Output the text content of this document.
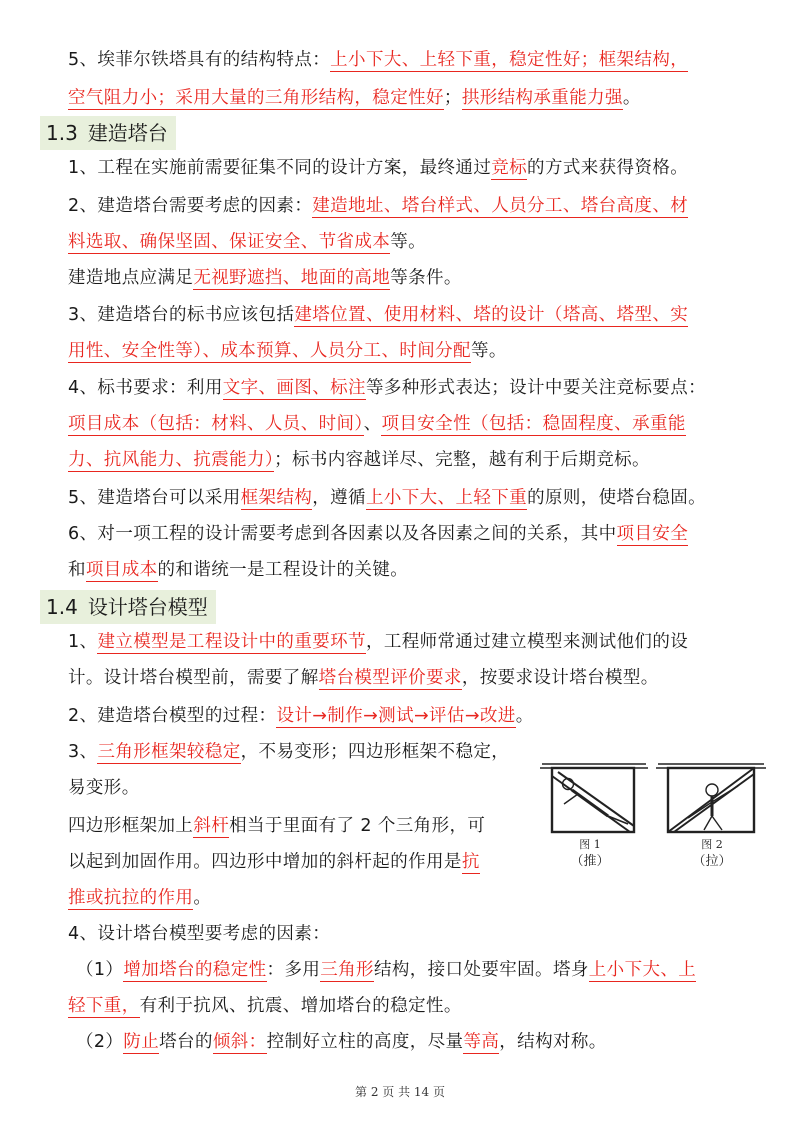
5、埃菲尔铁塔具有的结构特点：上小下大、上轻下重，稳定性好；框架结构，
空气阻力小；采用大量的三角形结构，稳定性好；拱形结构承重能力强。
1.3 建造塔台
1、工程在实施前需要征集不同的设计方案，最终通过竞标的方式来获得资格。
2、建造塔台需要考虑的因素：建造地址、塔台样式、人员分工、塔台高度、材
料选取、确保坚固、保证安全、节省成本等。
建造地点应满足无视野遮挡、地面的高地等条件。
3、建造塔台的标书应该包括建塔位置、使用材料、塔的设计（塔高、塔型、实
用性、安全性等）、成本预算、人员分工、时间分配等。
4、标书要求：利用文字、画图、标注等多种形式表达；设计中要关注竞标要点：
项目成本（包括：材料、人员、时间）、项目安全性（包括：稳固程度、承重能
力、抗风能力、抗震能力）；标书内容越详尽、完整，越有利于后期竞标。
5、建造塔台可以采用框架结构，遵循上小下大、上轻下重的原则，使塔台稳固。
6、对一项工程的设计需要考虑到各因素以及各因素之间的关系，其中项目安全
和项目成本的和谐统一是工程设计的关键。
1.4 设计塔台模型
1、建立模型是工程设计中的重要环节，工程师常通过建立模型来测试他们的设
计。设计塔台模型前，需要了解塔台模型评价要求，按要求设计塔台模型。
2、建造塔台模型的过程：设计→制作→测试→评估→改进。
3、三角形框架较稳定，不易变形；四边形框架不稳定，
易变形。
四边形框架加上斜杆相当于里面有了 2 个三角形，可
以起到加固作用。四边形中增加的斜杆起的作用是抗
推或抗拉的作用。
图 1
（推）
图 2
（拉）
4、设计塔台模型要考虑的因素：
（1）增加塔台的稳定性：多用三角形结构，接口处要牢固。塔身上小下大、上
轻下重，有利于抗风、抗震、增加塔台的稳定性。
（2）防止塔台的倾斜：控制好立柱的高度，尽量等高，结构对称。
第 2 页 共 14 页
